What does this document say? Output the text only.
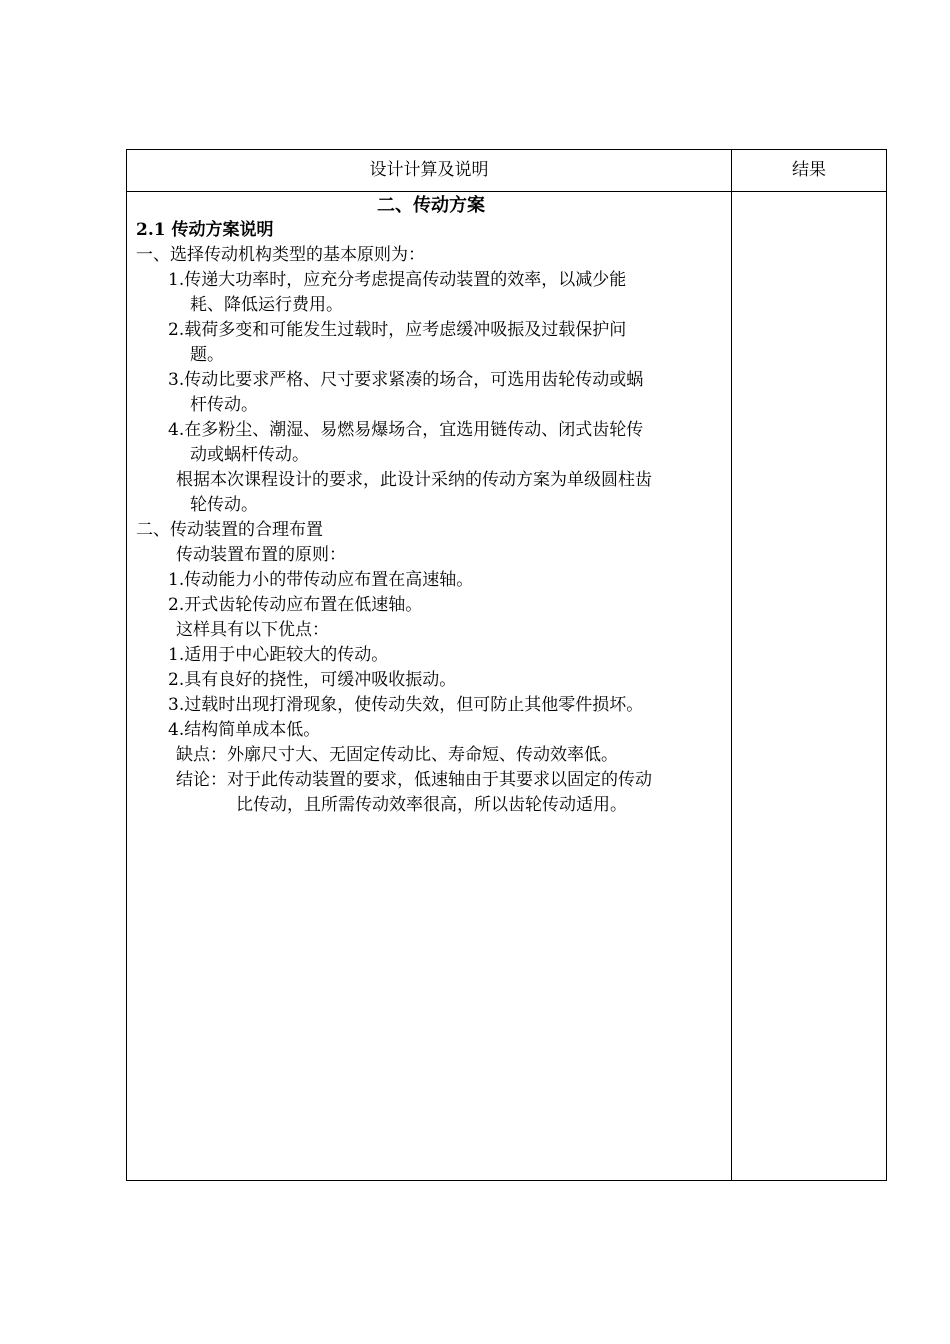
设计计算及说明	结果
二、传动方案
2.1 传动方案说明
一、选择传动机构类型的基本原则为：
1.传递大功率时，应充分考虑提高传动装置的效率，以减少能
耗、降低运行费用。
2.载荷多变和可能发生过载时，应考虑缓冲吸振及过载保护问
题。
3.传动比要求严格、尺寸要求紧凑的场合，可选用齿轮传动或蜗
杆传动。
4.在多粉尘、潮湿、易燃易爆场合，宜选用链传动、闭式齿轮传
动或蜗杆传动。
根据本次课程设计的要求，此设计采纳的传动方案为单级圆柱齿
轮传动。
二、传动装置的合理布置
传动装置布置的原则：
1.传动能力小的带传动应布置在高速轴。
2.开式齿轮传动应布置在低速轴。
这样具有以下优点：
1.适用于中心距较大的传动。
2.具有良好的挠性，可缓冲吸收振动。
3.过载时出现打滑现象，使传动失效，但可防止其他零件损坏。
4.结构简单成本低。
缺点：外廓尺寸大、无固定传动比、寿命短、传动效率低。
结论：对于此传动装置的要求，低速轴由于其要求以固定的传动
比传动，且所需传动效率很高，所以齿轮传动适用。
